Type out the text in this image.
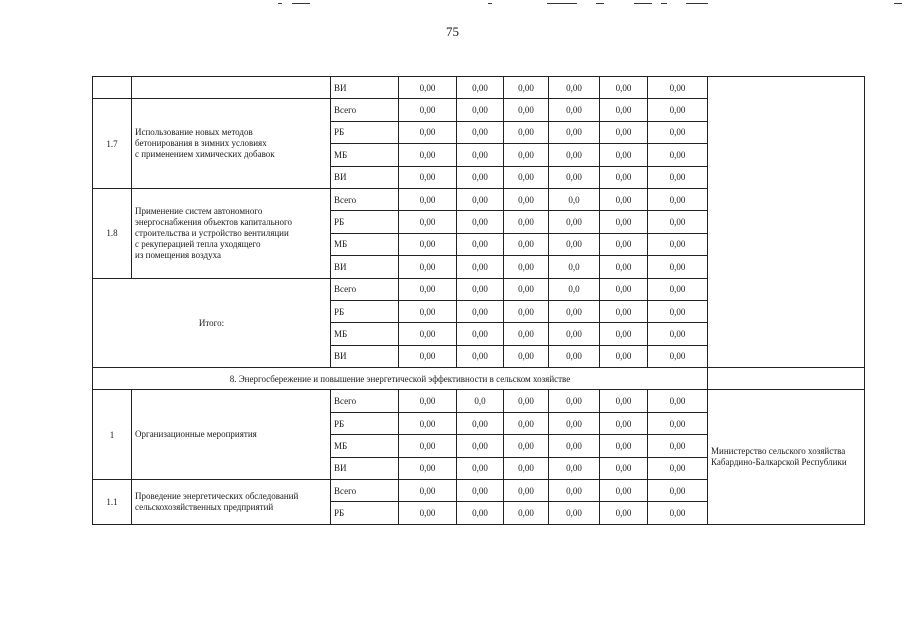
75
		ВИ	0,00	0,00	0,00	0,00	0,00	0,00	
1.7	Использование новых методов
бетонирования в зимних условиях
с применением химических добавок	Всего	0,00	0,00	0,00	0,00	0,00	0,00	
		РБ	0,00	0,00	0,00	0,00	0,00	0,00	
		МБ	0,00	0,00	0,00	0,00	0,00	0,00	
		ВИ	0,00	0,00	0,00	0,00	0,00	0,00	
1.8	Применение систем автономного
энергоснабжения объектов капитального
строительства и устройство вентиляции
с рекуперацией тепла уходящего
из помещения воздуха	Всего	0,00	0,00	0,00	0,0	0,00	0,00	
		РБ	0,00	0,00	0,00	0,00	0,00	0,00	
		МБ	0,00	0,00	0,00	0,00	0,00	0,00	
		ВИ	0,00	0,00	0,00	0,0	0,00	0,00	
Итого:		Всего	0,00	0,00	0,00	0,0	0,00	0,00	
		РБ	0,00	0,00	0,00	0,00	0,00	0,00	
		МБ	0,00	0,00	0,00	0,00	0,00	0,00	
		ВИ	0,00	0,00	0,00	0,00	0,00	0,00	
8. Энергосбережение и повышение энергетической эффективности в сельском хозяйстве									
1	Организационные мероприятия	Всего	0,00	0,0	0,00	0,00	0,00	0,00	Министерство сельского хозяйства
Кабардино-Балкарской Республики

		РБ	0,00	0,00	0,00	0,00	0,00	0,00	
		МБ	0,00	0,00	0,00	0,00	0,00	0,00	
		ВИ	0,00	0,00	0,00	0,00	0,00	0,00	
1.1	Проведение энергетических обследований
сельскохозяйственных предприятий	Всего	0,00	0,00	0,00	0,00	0,00	0,00	
		РБ	0,00	0,00	0,00	0,00	0,00	0,00	
